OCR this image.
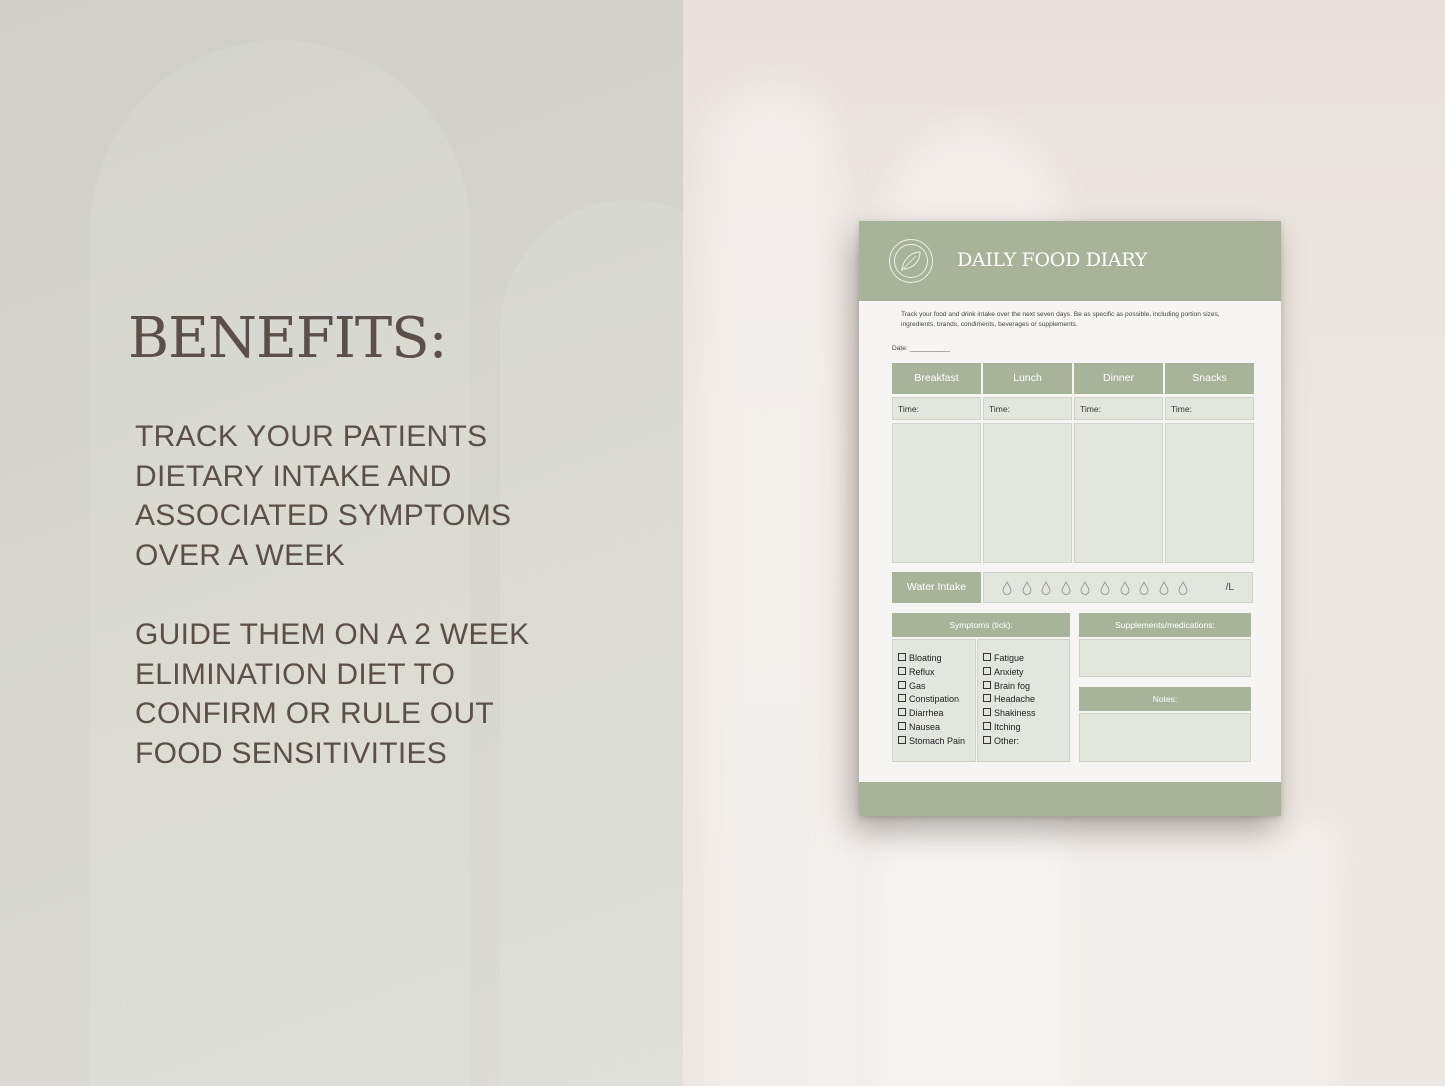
BENEFITS:

TRACK YOUR PATIENTS
DIETARY INTAKE AND
ASSOCIATED SYMPTOMS
OVER A WEEK

GUIDE THEM ON A 2 WEEK
ELIMINATION DIET TO
CONFIRM OR RULE OUT
FOOD SENSITIVITIES

DAILY FOOD DIARY
Track your food and drink intake over the next seven days. Be as specific as possible, including portion sizes, ingredients, brands, condiments, beverages or supplements.
Date: ___________
Breakfast	Lunch	Dinner	Snacks
Time:	Time:	Time:	Time:
Water Intake	/L
Symptoms (tick):
Bloating
Reflux
Gas
Constipation
Diarrhea
Nausea
Stomach Pain
Fatigue
Anxiety
Brain fog
Headache
Shakiness
Itching
Other:
Supplements/medications:
Notes:
